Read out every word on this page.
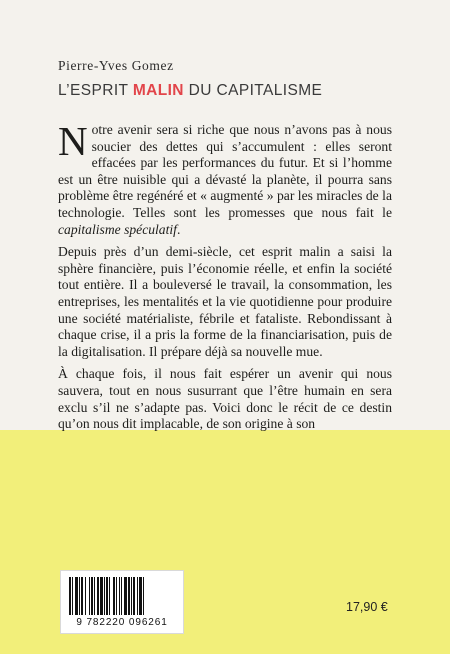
Pierre-Yves Gomez
L’ESPRIT MALIN DU CAPITALISME

Notre avenir sera si riche que nous n’avons pas à nous soucier des dettes qui s’accumulent : elles seront effacées par les performances du futur. Et si l’homme est un être nuisible qui a dévasté la planète, il pourra sans problème être regénéré et « augmenté » par les miracles de la technologie. Telles sont les promesses que nous fait le capitalisme spéculatif.

Depuis près d’un demi-siècle, cet esprit malin a saisi la sphère financière, puis l’économie réelle, et enfin la société tout entière. Il a bouleversé le travail, la consommation, les entreprises, les mentalités et la vie quotidienne pour produire une société matérialiste, fébrile et fataliste. Rebondissant à chaque crise, il a pris la forme de la financiarisation, puis de la digitalisation. Il prépare déjà sa nouvelle mue.

À chaque fois, il nous fait espérer un avenir qui nous sauvera, tout en nous susurrant que l’être humain en sera exclu s’il ne s’adapte pas. Voici donc le récit de ce destin qu’on nous dit implacable, de son origine à son

9 782220 096261
17,90 €
